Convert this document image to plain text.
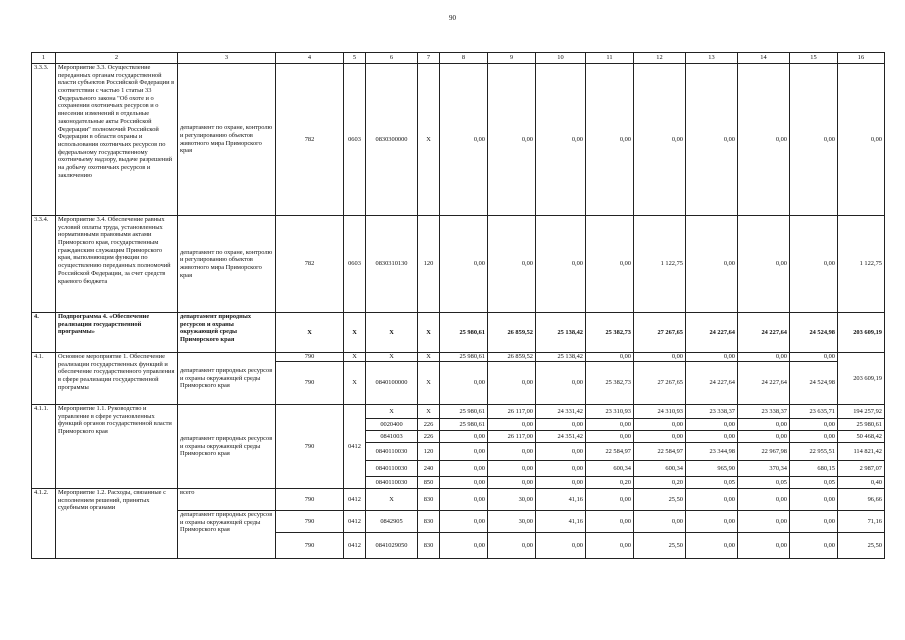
90
1	2	3	4	5	6	7	8	9	10	11	12	13	14	15	16
3.3.3.	Мероприятие 3.3. Осуществление переданных органам государственной власти субъектов Российской Федерации в соответствии с частью 1 статьи 33 Федерального закона "Об охоте и о сохранении охотничьих ресурсов и о внесении изменений в отдельные законодательные акты Российской Федерации" полномочий Российской Федерации в области охраны и использования охотничьих ресурсов по федеральному государственному охотничьему надзору, выдаче разрешений на добычу охотничьих ресурсов и заключению	департамент по охране, контролю и регулированию объектов животного мира Приморского края	782	0603	0830300000	X	0,00	0,00	0,00	0,00	0,00	0,00	0,00	0,00	0,00
3.3.4.	Мероприятие 3.4. Обеспечение равных условий оплаты труда, установленных нормативными правовыми актами Приморского края, государственным гражданским служащим Приморского края, выполняющим функции по осуществлению переданных полномочий Российской Федерации, за счет средств краевого бюджета	департамент по охране, контролю и регулированию объектов животного мира Приморского края	782	0603	0830310130	120	0,00	0,00	0,00	0,00	1 122,75	0,00	0,00	0,00	1 122,75
4.	Подпрограмма 4. «Обеспечение реализации государственной программы»	департамент природных ресурсов и охраны окружающей среды Приморского края	X	X	X	X	25 980,61	26 859,52	25 138,42	25 382,73	27 267,65	24 227,64	24 227,64	24 524,98	203 609,19
4.1.	Основное мероприятие 1. Обеспечение реализации государственных функций и обеспечение государственного управления в сфере реализации государственной программы	департамент природных ресурсов и охраны окружающей среды Приморского края	790	X	X	X	25 980,61	26 859,52	25 138,42	0,00	0,00	0,00	0,00	0,00	203 609,19
			790	X	0840100000	X	0,00	0,00	0,00	25 382,73	27 267,65	24 227,64	24 227,64	24 524,98	
4.1.1.	Мероприятие 1.1. Руководство и управление в сфере установленных функций органов государственной власти Приморского края	департамент природных ресурсов и охраны окружающей среды Приморского края	790	0412	X	X	25 980,61	26 117,00	24 331,42	23 310,93	24 310,93	23 338,37	23 338,37	23 635,71	194 257,92
					0020400	226	25 980,61	0,00	0,00	0,00	0,00	0,00	0,00	0,00	25 980,61
					0841003	226	0,00	26 117,00	24 351,42	0,00	0,00	0,00	0,00	0,00	50 468,42
					0840110030	120	0,00	0,00	0,00	22 584,97	22 584,97	23 344,98	22 967,98	22 955,51	114 821,42
					0840110030	240	0,00	0,00	0,00	600,34	600,34	965,90	370,34	680,15	2 987,07
					0840110030	850	0,00	0,00	0,00	0,20	0,20	0,05	0,05	0,05	0,40
4.1.2.	Мероприятие 1.2. Расходы, связанные с исполнением решений, принятых судебными органами	всего	790	0412	X	830	0,00	30,00	41,16	0,00	25,50	0,00	0,00	0,00	96,66
		департамент природных ресурсов и охраны окружающей среды Приморского края	790	0412	0842905	830	0,00	30,00	41,16	0,00	0,00	0,00	0,00	0,00	71,16
			790	0412	0841029050	830	0,00	0,00	0,00	0,00	25,50	0,00	0,00	0,00	25,50
